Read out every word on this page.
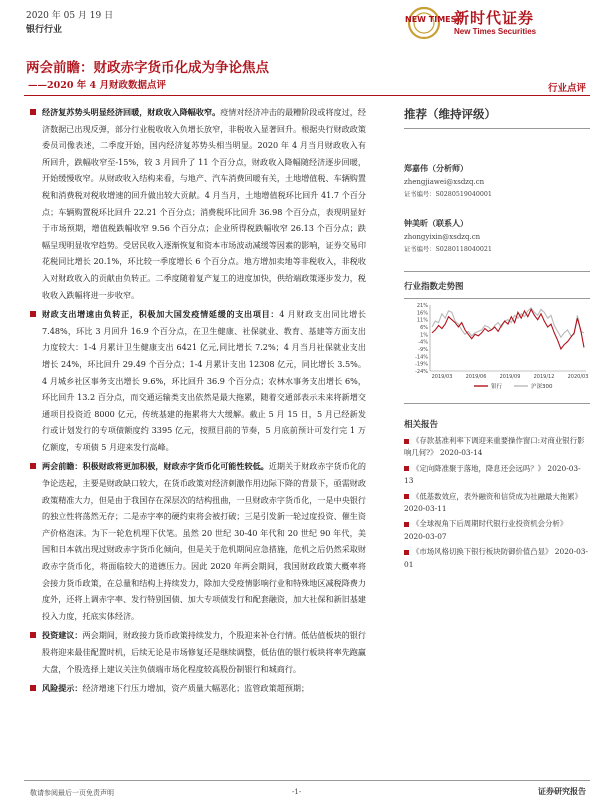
2020 年 05 月 19 日
银行行业
NEW TIMES
新时代证券
New Times Securities
两会前瞻：财政赤字货币化成为争论焦点
——2020 年 4 月财政数据点评	行业点评
经济复苏势头明显经济回暖，财政收入降幅收窄。疫情对经济冲击的最糟阶段或将度过，经济数据已出现反弹，部分行业税收收入负增长放窄，非税收入显著回升。根据央行财政政策委员司像表述，二季度开始，国内经济复苏势头相当明显。2020 年 4 月当月财政收入有所回升，跌幅收窄至-15%，较 3 月回升了 11 个百分点，财政收入降幅随经济逐步回暖，开始缓慢收窄。从财政收入结构来看，与地产、汽车消费回暖有关，土地增值税、车辆购置税和消费税对税收增速的回升做出较大贡献。4 月当月，土地增值税环比回升 41.7 个百分点；车辆购置税环比回升 22.21 个百分点；消费税环比回升 36.98 个百分点，表现明显好于市场预期，增值税跌幅收窄 9.56 个百分点；企业所得税跌幅收窄 26.13 个百分点；跌幅呈现明显收窄趋势。受居民收入逐渐恢复和资本市场波动减缓等因素的影响，证券交易印花税同比增长 20.1%，环比较一季度增长 6 个百分点。地方增加卖地等非税收入，非税收入对财政收入的贡献由负转正。二季度随着复产复工的进度加快，供给端政策逐步发力，税收收入跌幅将进一步收窄。
财政支出增速由负转正，积极加大国发疫情延缓的支出项目：4 月财政支出同比增长 7.48%，环比 3 月回升 16.9 个百分点，在卫生健康、社保就业、教育、基建等方面支出力度较大：1-4 月累计卫生健康支出 6421 亿元,同比增长 7.2%；4 月当月社保就业支出增长 24%，环比回升 29.49 个百分点；1-4 月累计支出 12308 亿元，同比增长 3.5%。4 月城乡社区事务支出增长 9.6%，环比回升 36.9 个百分点；农林水事务支出增长 6%，环比回升 13.2 百分点，而交通运输类支出依然是最大拖累，随着交通部表示未来将新增交通项目投资近 8000 亿元，传统基建的拖累将大大缓解。截止 5 月 15 日，5 月已经新发行或计划发行的专项债额度约 3395 亿元，按照目前的节奏，5 月底前预计可发行完 1 万亿额度，专项债 5 月迎来发行高峰。
两会前瞻：积极财政将更加积极，财政赤字货币化可能性较低。近期关于财政赤字货币化的争论迭起，主要是财政缺口较大，在货币政策对经济刺激作用边际下降的背景下，亟需财政政策精准大力，但是由于我国存在深层次的结构扭曲，一旦财政赤字货币化，一是中央银行的独立性将荡然无存；二是赤字率的硬约束将会被打破；三是引发新一轮过度投资、催生资产价格泡沫。为下一轮危机埋下伏笔。虽然 20 世纪 30-40 年代和 20 世纪 90 年代，美国和日本就出现过财政赤字货币化倾向，但是关于危机期间应急措施，危机之后仍然采取财政赤字货币化，将面临较大的道德压力。因此 2020 年两会期间，我国财政政策大概率将会接力货币政策，在总量和结构上持续发力，除加大受疫情影响行业和特殊地区减税降费力度外，还将上调赤字率、发行特别国债、加大专项债发行和配套融资，加大社保和新旧基建投入力度，托底实体经济。
投资建议：两会期间，财政接力货币政策持续发力，个股迎来补仓行情。低估值板块的银行股将迎来最佳配置时机，后续无论是市场修复还是继续调整，低估值的银行板块将率先跑赢大盘，个股选择上建议关注负债端市场化程度较高股份制银行和城商行。
风险提示：经济增速下行压力增加，资产质量大幅恶化；监管政策超预期；
推荐（维持评级）
郑嘉伟（分析师）
zhengjiawei@xsdzq.cn
证书编号：S0280519040001
钟美昕（联系人）
zhongyixin@xsdzq.cn
证书编号：S0280118040021
行业指数走势图
21%
16%
11%
6%
1%
-4%
-9%
-14%
-19%
-24%
2019/03	2019/06	2019/09	2019/12	2020/03
银行	沪深300
相关报告
《存款基准利率下调迎来重要操作窗口:对商业银行影响几何?》 2020-03-14
《定向降准聚于落地，降息还会远吗？》 2020-03-13
《低基数效应，表外融资和信贷成为社融最大拖累》 2020-03-11
《全球视角下后周期时代银行业投资机会分析》 2020-03-07
《市场风格切换下银行板块防御价值凸显》 2020-03-01
敬请参阅最后一页免责声明	-1-	证券研究报告
